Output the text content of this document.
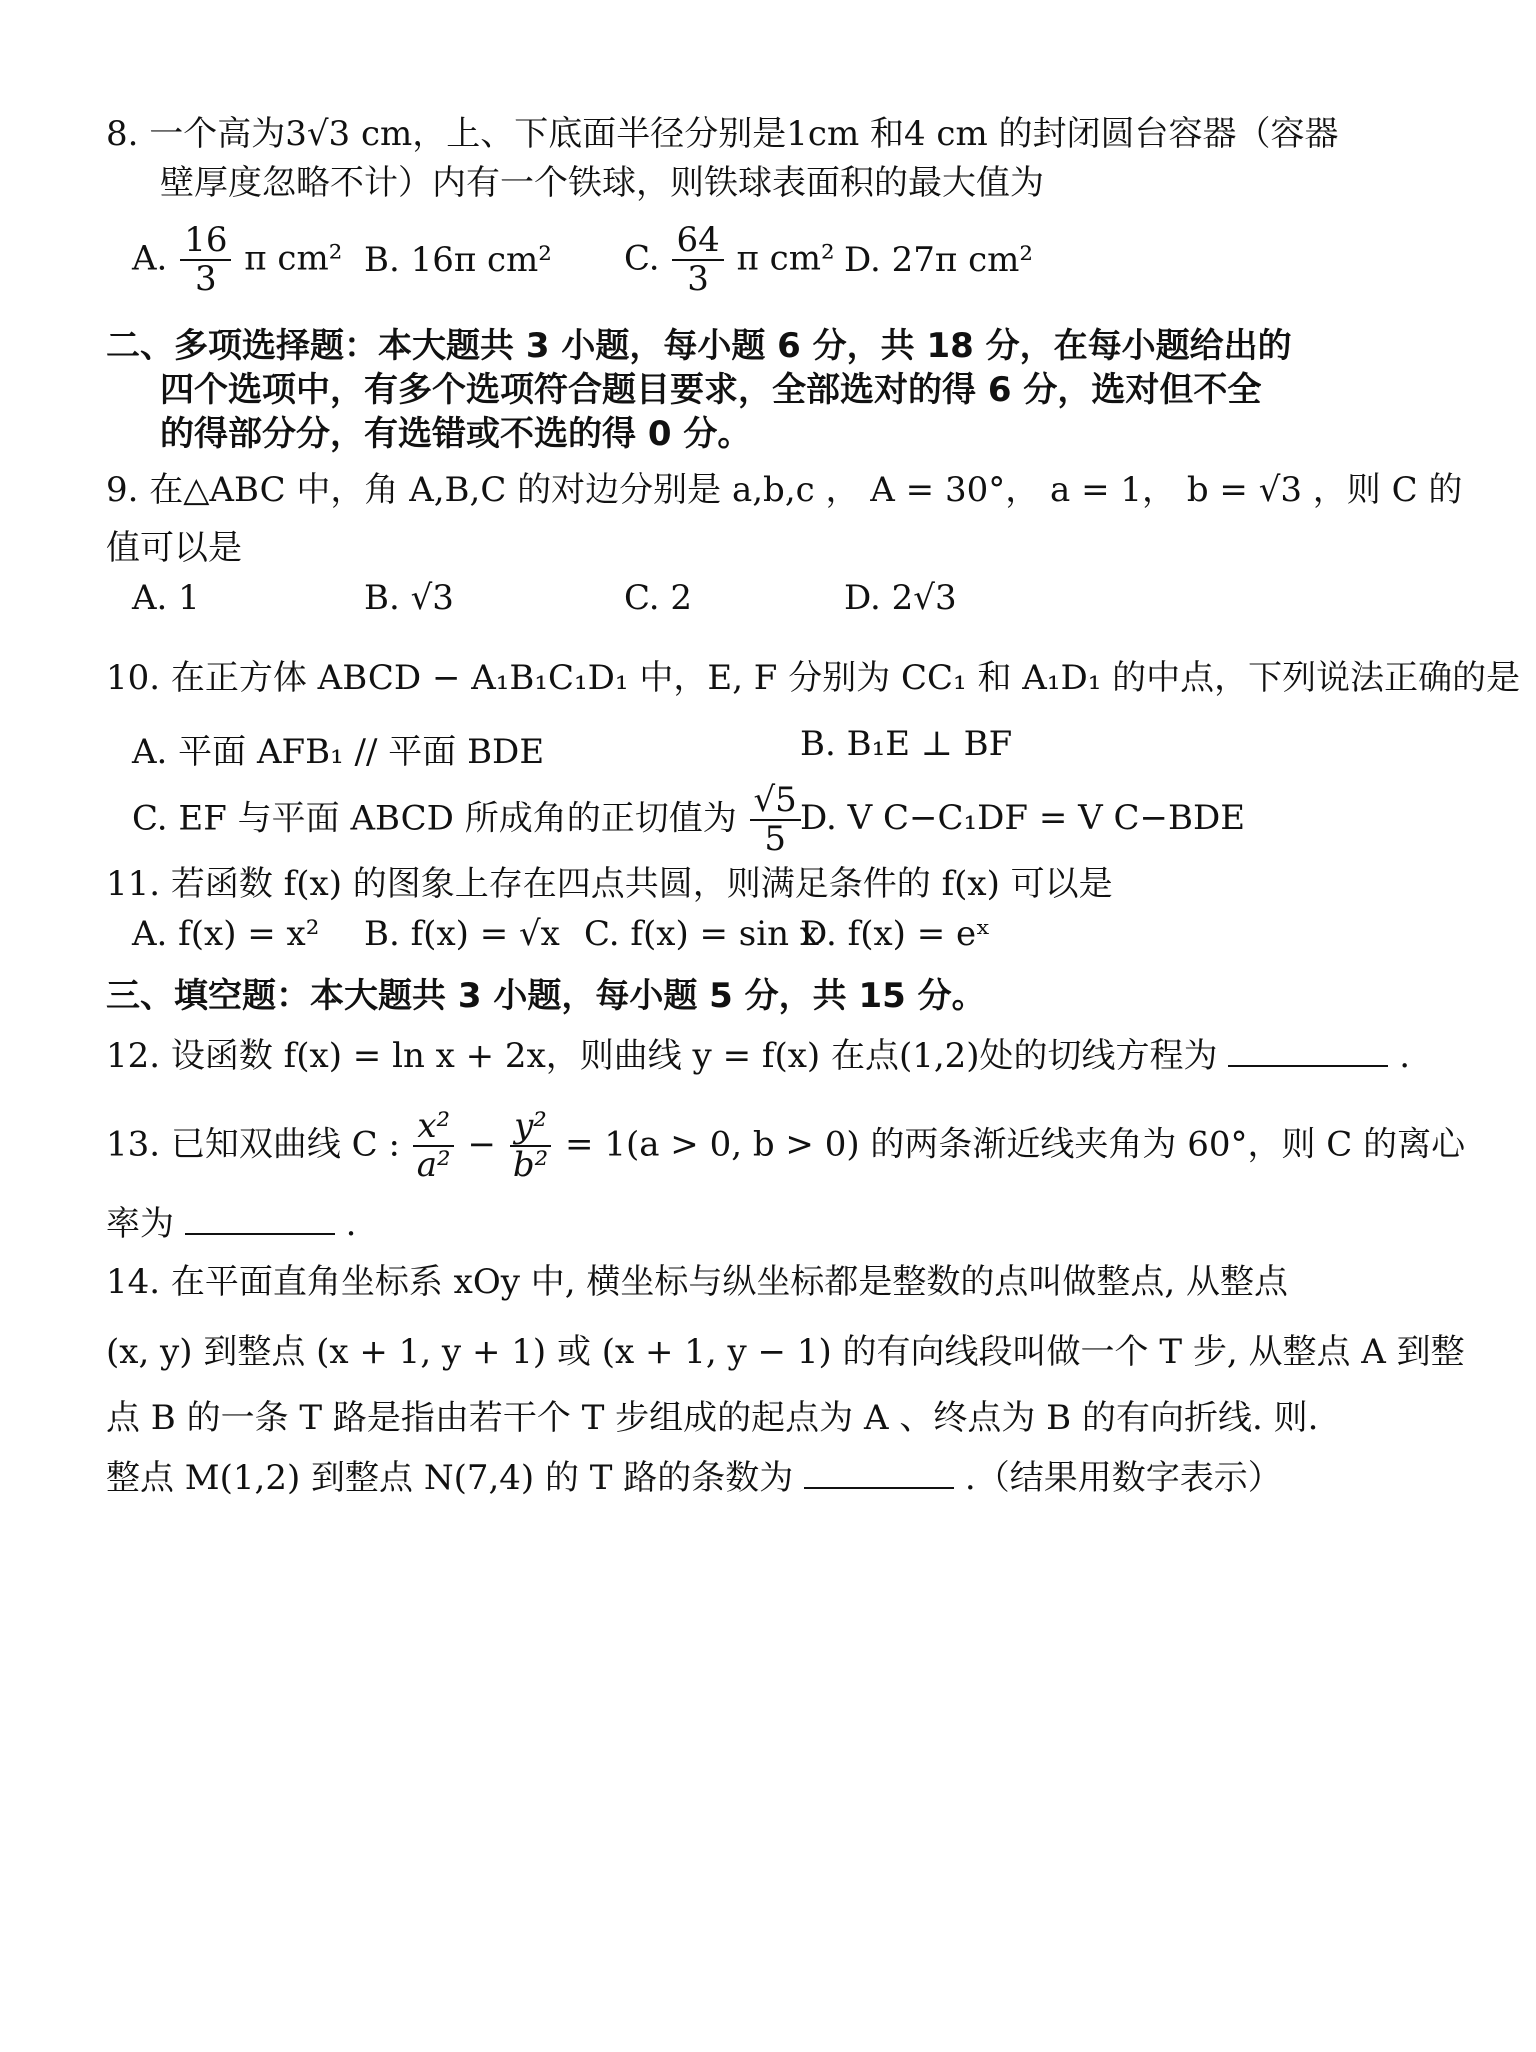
8. 一个高为3√3 cm，上、下底面半径分别是1cm 和4 cm 的封闭圆台容器（容器
壁厚度忽略不计）内有一个铁球，则铁球表面积的最大值为
A. $\frac{16}{3}$ π cm² B. 16π cm² C. $\frac{64}{3}$ π cm² D. 27π cm²
二、多项选择题：本大题共 3 小题，每小题 6 分，共 18 分，在每小题给出的
四个选项中，有多个选项符合题目要求，全部选对的得 6 分，选对但不全
的得部分分，有选错或不选的得 0 分。
9. 在△ABC 中，角 A,B,C 的对边分别是 a,b,c ， A = 30°， a = 1， b = √3 ，则 C 的
值可以是
A. 1	B. √3	C. 2	D. 2√3
10. 在正方体 ABCD − A₁B₁C₁D₁ 中，E, F 分别为 CC₁ 和 A₁D₁ 的中点，下列说法正确的是
A. 平面 AFB₁ // 平面 BDE	B. B₁E ⊥ BF
C. EF 与平面 ABCD 所成角的正切值为 $\frac{√5}{5} D$. V C−C₁DF = V C−BDE
11. 若函数 f(x) 的图象上存在四点共圆，则满足条件的 f(x) 可以是
A. f(x) = x² B. f(x) = √x C. f(x) = sin x
D. f(x) = eˣ
三、填空题：本大题共 3 小题，每小题 5 分，共 15 分。
12. 设函数 f(x) = ln x + 2x，则曲线 y = f(x) 在点(1,2)处的切线方程为	.
13. 已知双曲线 C : $\frac{\text{x²}}{\text{a²}} - \frac{\text{y²}}{\text{b²}} = 1(a > 0$, b > 0) 的两条渐近线夹角为 60°，则 C 的离心
率为	.
14. 在平面直角坐标系 xOy 中, 横坐标与纵坐标都是整数的点叫做整点, 从整点
(x, y) 到整点 (x + 1, y + 1) 或 (x + 1, y − 1) 的有向线段叫做一个 T 步, 从整点 A 到整
点 B 的一条 T 路是指由若干个 T 步组成的起点为 A 、终点为 B 的有向折线. 则.
整点 M(1,2) 到整点 N(7,4) 的 T 路的条数为	.（结果用数字表示）
